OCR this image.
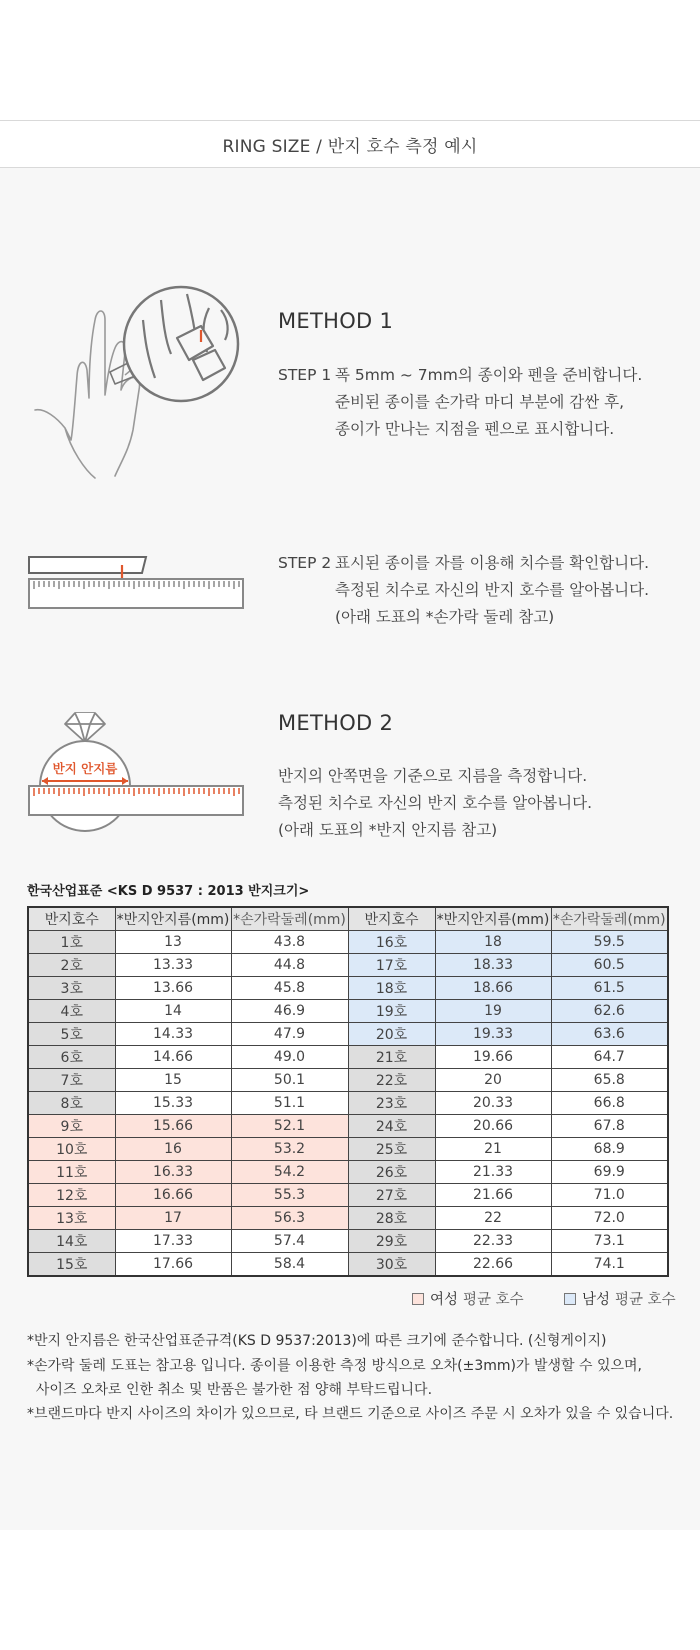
RING SIZE / 반지 호수 측정 예시
METHOD 1
STEP 1 폭 5mm ~ 7mm의 종이와 펜을 준비합니다.
준비된 종이를 손가락 마디 부분에 감싼 후,
종이가 만나는 지점을 펜으로 표시합니다.
STEP 2 표시된 종이를 자를 이용해 치수를 확인합니다.
측정된 치수로 자신의 반지 호수를 알아봅니다.
(아래 도표의 *손가락 둘레 참고)
반지 안지름
METHOD 2
반지의 안쪽면을 기준으로 지름을 측정합니다.
측정된 치수로 자신의 반지 호수를 알아봅니다.
(아래 도표의 *반지 안지름 참고)
한국산업표준 <KS D 9537 : 2013 반지크기>
반지호수	*반지안지름(mm)	*손가락둘레(mm)	반지호수	*반지안지름(mm)	*손가락둘레(mm)
1호	13	43.8	16호	18	59.5
2호	13.33	44.8	17호	18.33	60.5
3호	13.66	45.8	18호	18.66	61.5
4호	14	46.9	19호	19	62.6
5호	14.33	47.9	20호	19.33	63.6
6호	14.66	49.0	21호	19.66	64.7
7호	15	50.1	22호	20	65.8
8호	15.33	51.1	23호	20.33	66.8
9호	15.66	52.1	24호	20.66	67.8
10호	16	53.2	25호	21	68.9
11호	16.33	54.2	26호	21.33	69.9
12호	16.66	55.3	27호	21.66	71.0
13호	17	56.3	28호	22	72.0
14호	17.33	57.4	29호	22.33	73.1
15호	17.66	58.4	30호	22.66	74.1
여성 평균 호수	남성 평균 호수
*반지 안지름은 한국산업표준규격(KS D 9537:2013)에 따른 크기에 준수합니다. (신형게이지)
*손가락 둘레 도표는 참고용 입니다. 종이를 이용한 측정 방식으로 오차(±3mm)가 발생할 수 있으며,
사이즈 오차로 인한 취소 및 반품은 불가한 점 양해 부탁드립니다.
*브랜드마다 반지 사이즈의 차이가 있으므로, 타 브랜드 기준으로 사이즈 주문 시 오차가 있을 수 있습니다.
